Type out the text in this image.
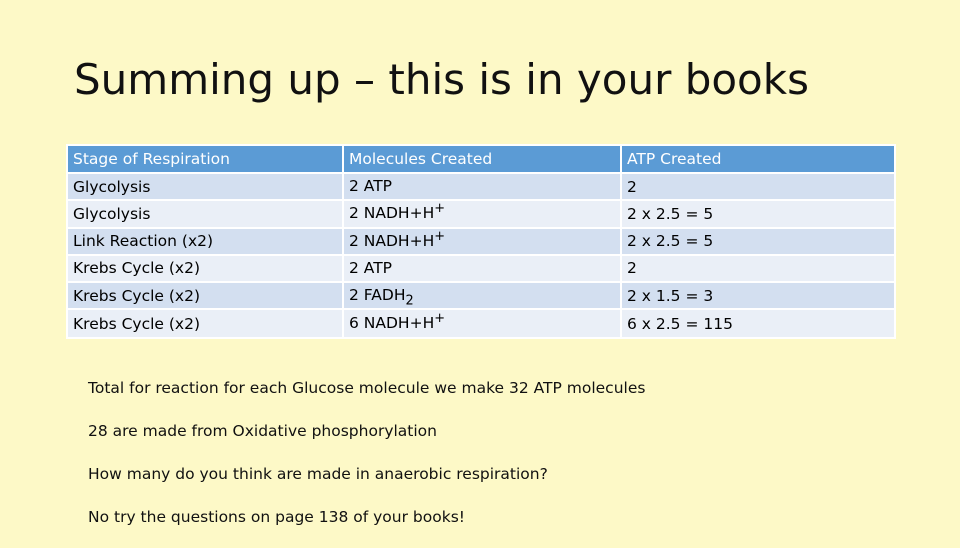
Summing up – this is in your books
Stage of Respiration	Molecules Created	ATP Created
Glycolysis	2 ATP	2
Glycolysis	2 NADH+H+	2 x 2.5 = 5
Link Reaction (x2)	2 NADH+H+	2 x 2.5 = 5
Krebs Cycle (x2)	2 ATP	2
Krebs Cycle (x2)	2 $FADH_2$	2 x 1.5 = 3
Krebs Cycle (x2)	6 NADH+H+	6 x 2.5 = 115
Total for reaction for each Glucose molecule we make 32 ATP molecules
28 are made from Oxidative phosphorylation
How many do you think are made in anaerobic respiration?
No try the questions on page 138 of your books!
